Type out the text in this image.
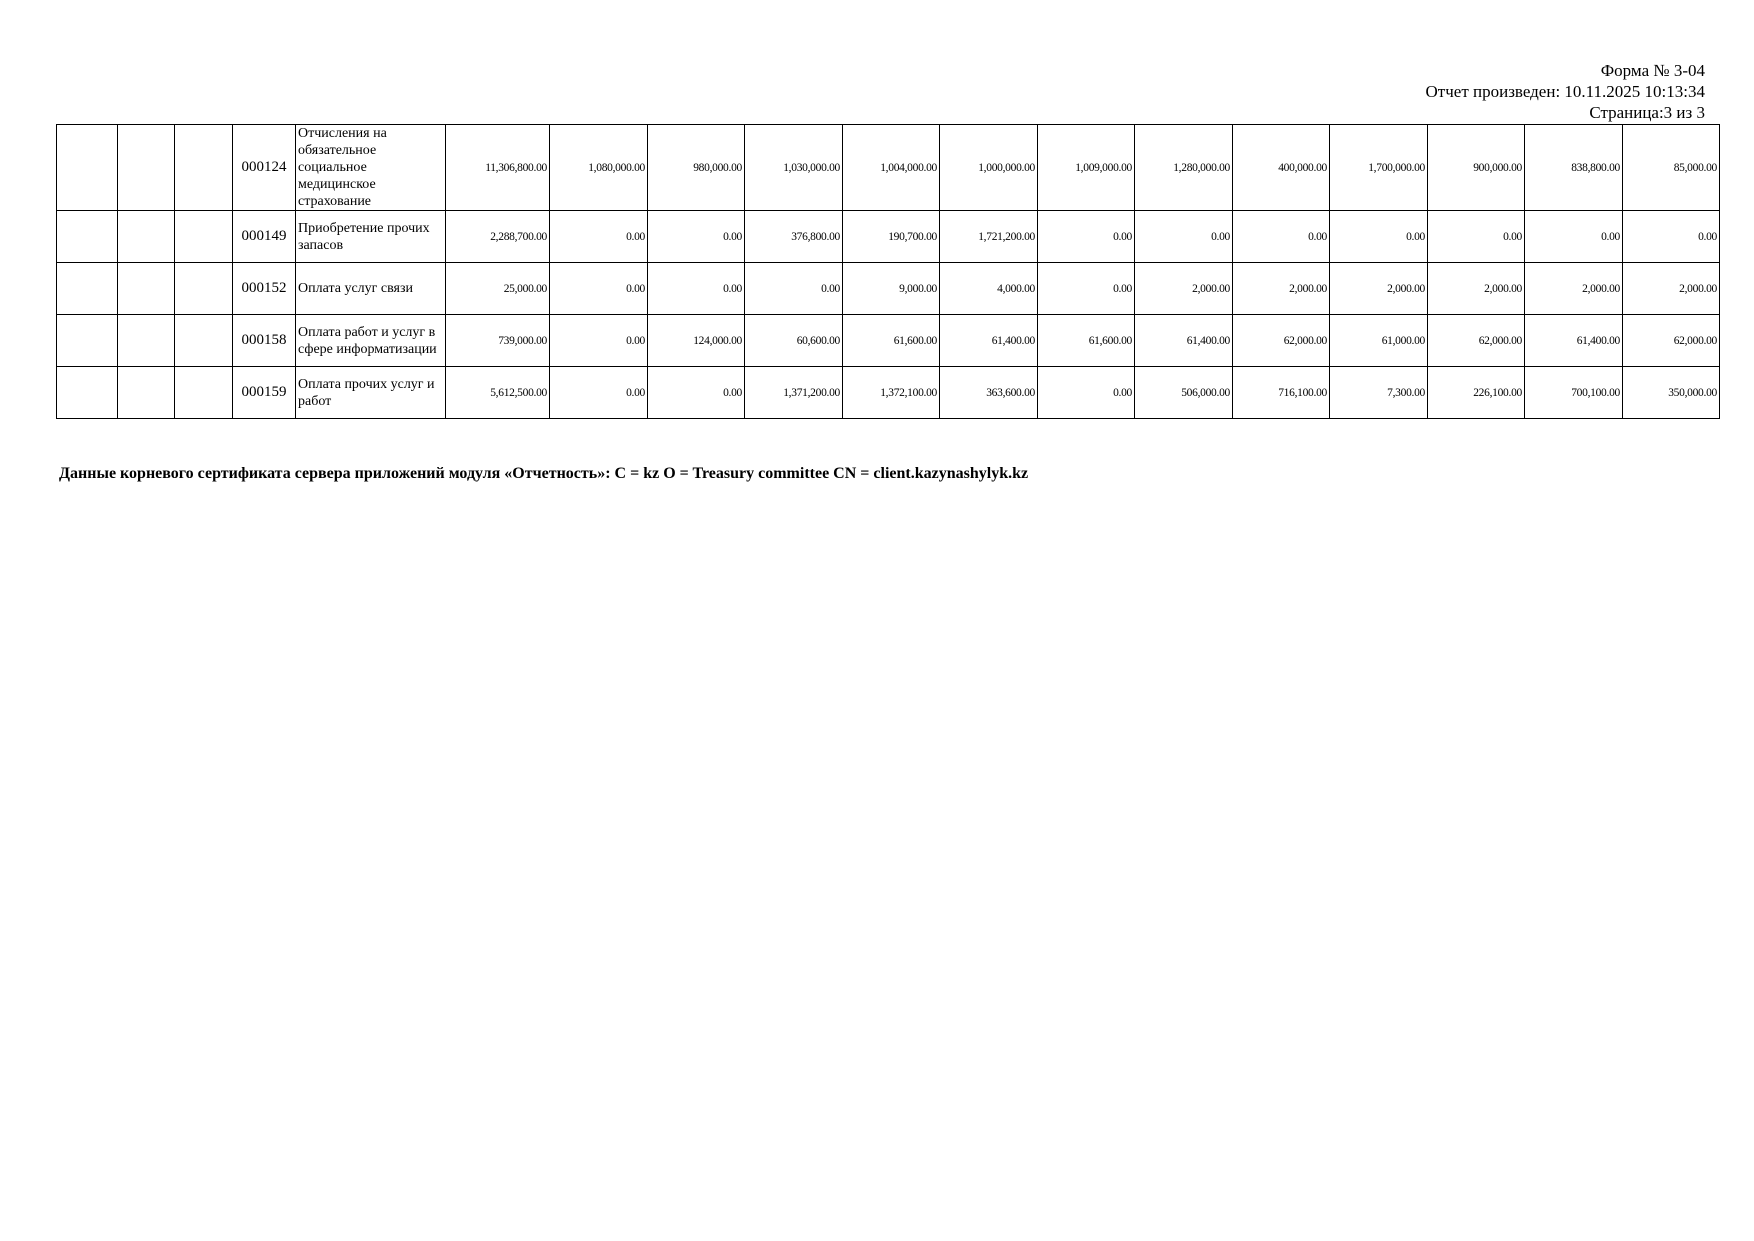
Форма № 3-04
Отчет произведен: 10.11.2025 10:13:34
Страница:3 из 3
			000124	Отчисления на обязательное социальное медицинское страхование	11,306,800.00	1,080,000.00	980,000.00	1,030,000.00	1,004,000.00	1,000,000.00	1,009,000.00	1,280,000.00	400,000.00	1,700,000.00	900,000.00	838,800.00	85,000.00
			000149	Приобретение прочих запасов	2,288,700.00	0.00	0.00	376,800.00	190,700.00	1,721,200.00	0.00	0.00	0.00	0.00	0.00	0.00	0.00
			000152	Оплата услуг связи	25,000.00	0.00	0.00	0.00	9,000.00	4,000.00	0.00	2,000.00	2,000.00	2,000.00	2,000.00	2,000.00	2,000.00
			000158	Оплата работ и услуг в сфере информатизации	739,000.00	0.00	124,000.00	60,600.00	61,600.00	61,400.00	61,600.00	61,400.00	62,000.00	61,000.00	62,000.00	61,400.00	62,000.00
			000159	Оплата прочих услуг и работ	5,612,500.00	0.00	0.00	1,371,200.00	1,372,100.00	363,600.00	0.00	506,000.00	716,100.00	7,300.00	226,100.00	700,100.00	350,000.00
Данные корневого сертификата сервера приложений модуля «Отчетность»: C = kz O = Treasury committee CN = client.kazynashylyk.kz
